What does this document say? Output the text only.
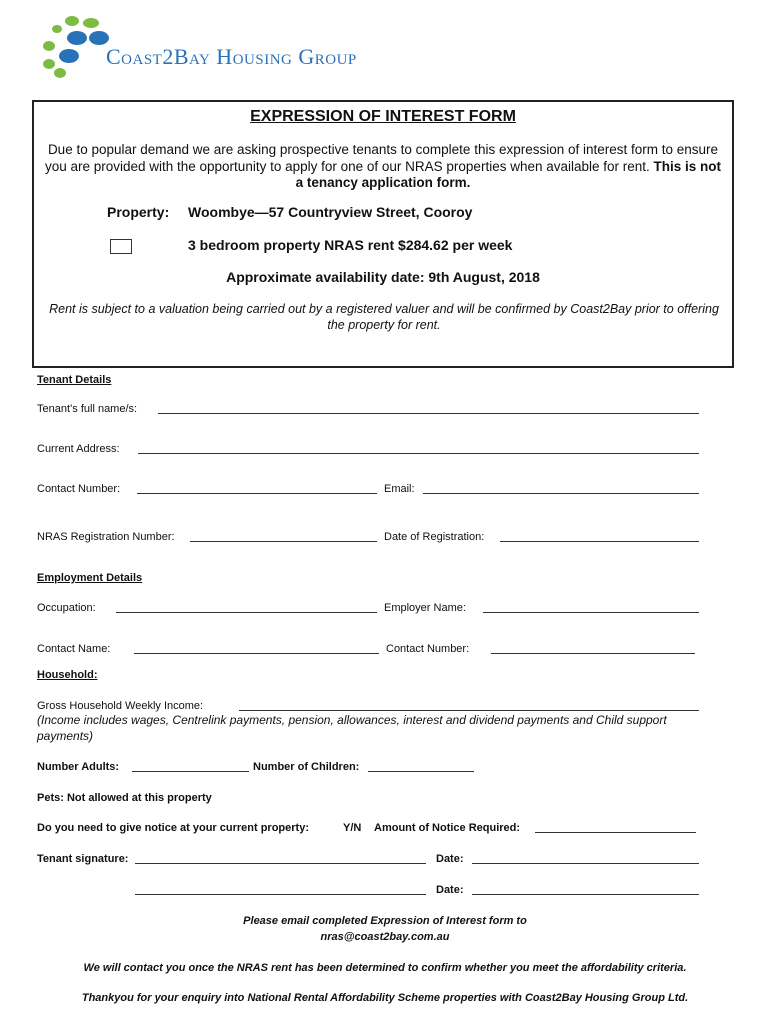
Coast2Bay Housing Group
EXPRESSION OF INTEREST FORM
Due to popular demand we are asking prospective tenants to complete this expression of interest form to ensure you are provided with the opportunity to apply for one of our NRAS properties when available for rent. This is not a tenancy application form.
Property: Woombye—57 Countryview Street, Cooroy
3 bedroom property NRAS rent $284.62 per week
Approximate availability date: 9th August, 2018
Rent is subject to a valuation being carried out by a registered valuer and will be confirmed by Coast2Bay prior to offering the property for rent.
Tenant Details
Tenant’s full name/s:
Current Address:
Contact Number:	Email:
NRAS Registration Number:	Date of Registration:
Employment Details
Occupation:	Employer Name:
Contact Name:	Contact Number:
Household:
Gross Household Weekly Income:
(Income includes wages, Centrelink payments, pension, allowances, interest and dividend payments and Child support payments)
Number Adults:	Number of Children:
Pets: Not allowed at this property
Do you need to give notice at your current property:	Y/N Amount of Notice Required:
Tenant signature:	Date:
Date:
Please email completed Expression of Interest form to
nras@coast2bay.com.au
We will contact you once the NRAS rent has been determined to confirm whether you meet the affordability criteria.
Thankyou for your enquiry into National Rental Affordability Scheme properties with Coast2Bay Housing Group Ltd.
